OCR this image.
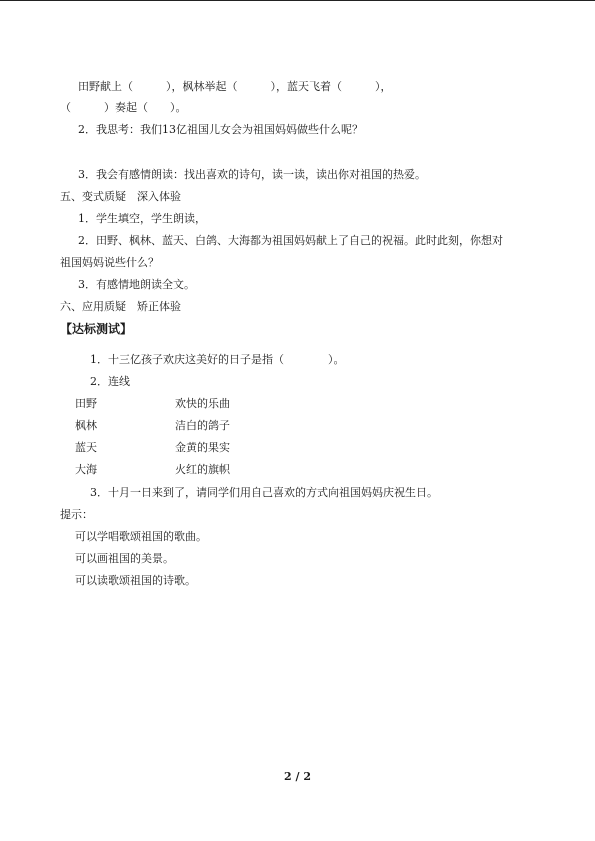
田野献上（　　　），枫林举起（　　　），蓝天飞着（　　　），
（　　　）奏起（　　）。
2．我思考：我们13亿祖国儿女会为祖国妈妈做些什么呢？
3．我会有感情朗读：找出喜欢的诗句，读一读，读出你对祖国的热爱。
五、变式质疑　深入体验
1．学生填空，学生朗读，
2．田野、枫林、蓝天、白鸽、大海都为祖国妈妈献上了自己的祝福。此时此刻，你想对
祖国妈妈说些什么？
3．有感情地朗读全文。
六、应用质疑　矫正体验
【达标测试】
1．十三亿孩子欢庆这美好的日子是指（　　　　）。
2．连线
田野	欢快的乐曲
枫林	洁白的鸽子
蓝天	金黄的果实
大海	火红的旗帜
3．十月一日来到了，请同学们用自己喜欢的方式向祖国妈妈庆祝生日。
提示：
可以学唱歌颂祖国的歌曲。
可以画祖国的美景。
可以读歌颂祖国的诗歌。
2 / 2
